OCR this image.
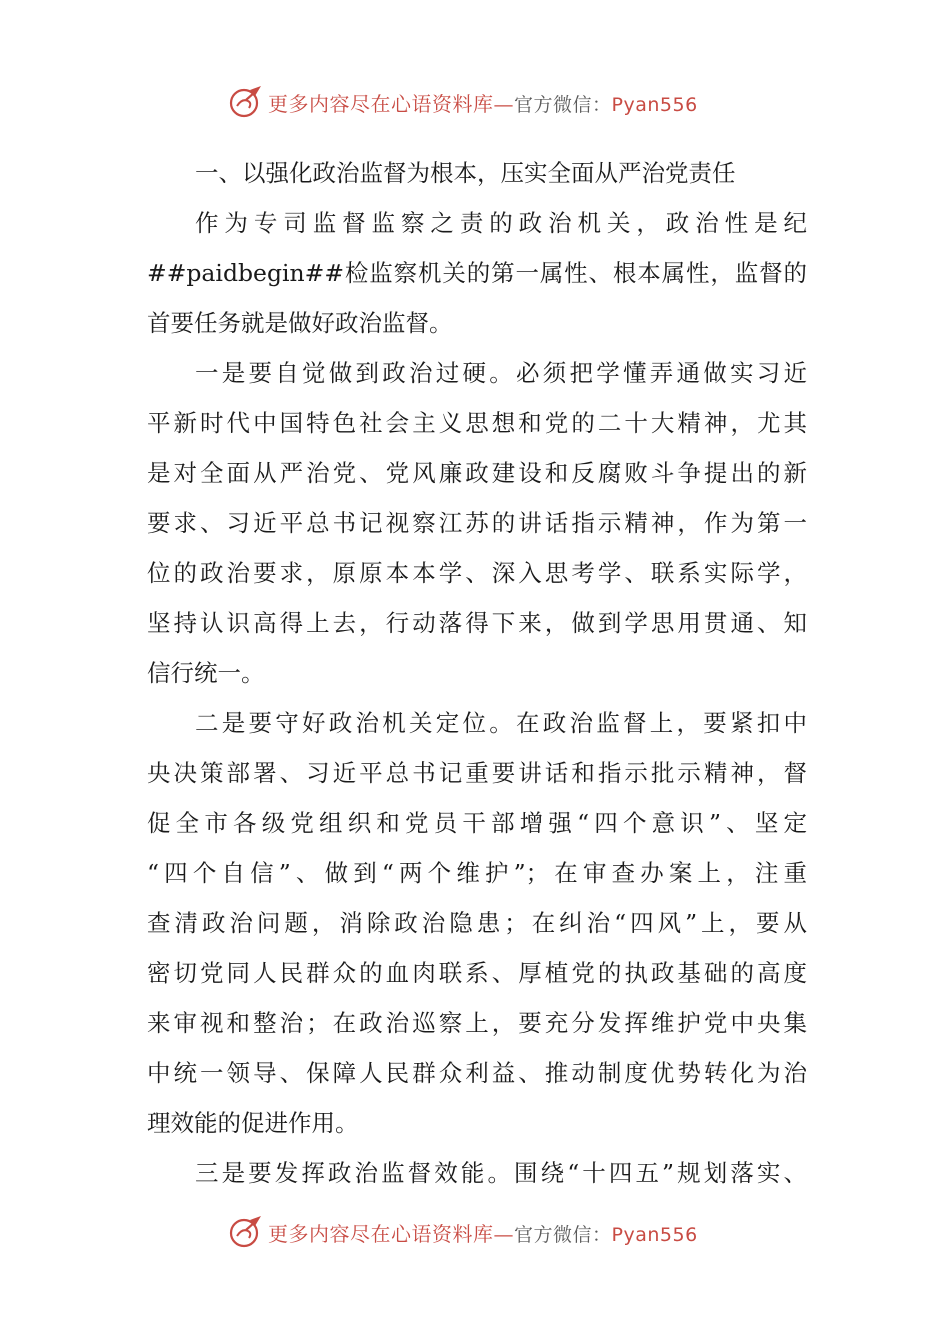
更多内容尽在心语资料库—官方微信：Pyan556
一、以强化政治监督为根本，压实全面从严治党责任
作为专司监督监察之责的政治机关，政治性是纪
##paidbegin##检监察机关的第一属性、根本属性，监督的
首要任务就是做好政治监督。
一是要自觉做到政治过硬。必须把学懂弄通做实习近
平新时代中国特色社会主义思想和党的二十大精神，尤其
是对全面从严治党、党风廉政建设和反腐败斗争提出的新
要求、习近平总书记视察江苏的讲话指示精神，作为第一
位的政治要求，原原本本学、深入思考学、联系实际学，
坚持认识高得上去，行动落得下来，做到学思用贯通、知
信行统一。
二是要守好政治机关定位。在政治监督上，要紧扣中
央决策部署、习近平总书记重要讲话和指示批示精神，督
促全市各级党组织和党员干部增强“四个意识”、坚定
“四个自信”、做到“两个维护”；在审查办案上，注重
查清政治问题，消除政治隐患；在纠治“四风”上，要从
密切党同人民群众的血肉联系、厚植党的执政基础的高度
来审视和整治；在政治巡察上，要充分发挥维护党中央集
中统一领导、保障人民群众利益、推动制度优势转化为治
理效能的促进作用。
三是要发挥政治监督效能。围绕“十四五”规划落实、
更多内容尽在心语资料库—官方微信：Pyan556
